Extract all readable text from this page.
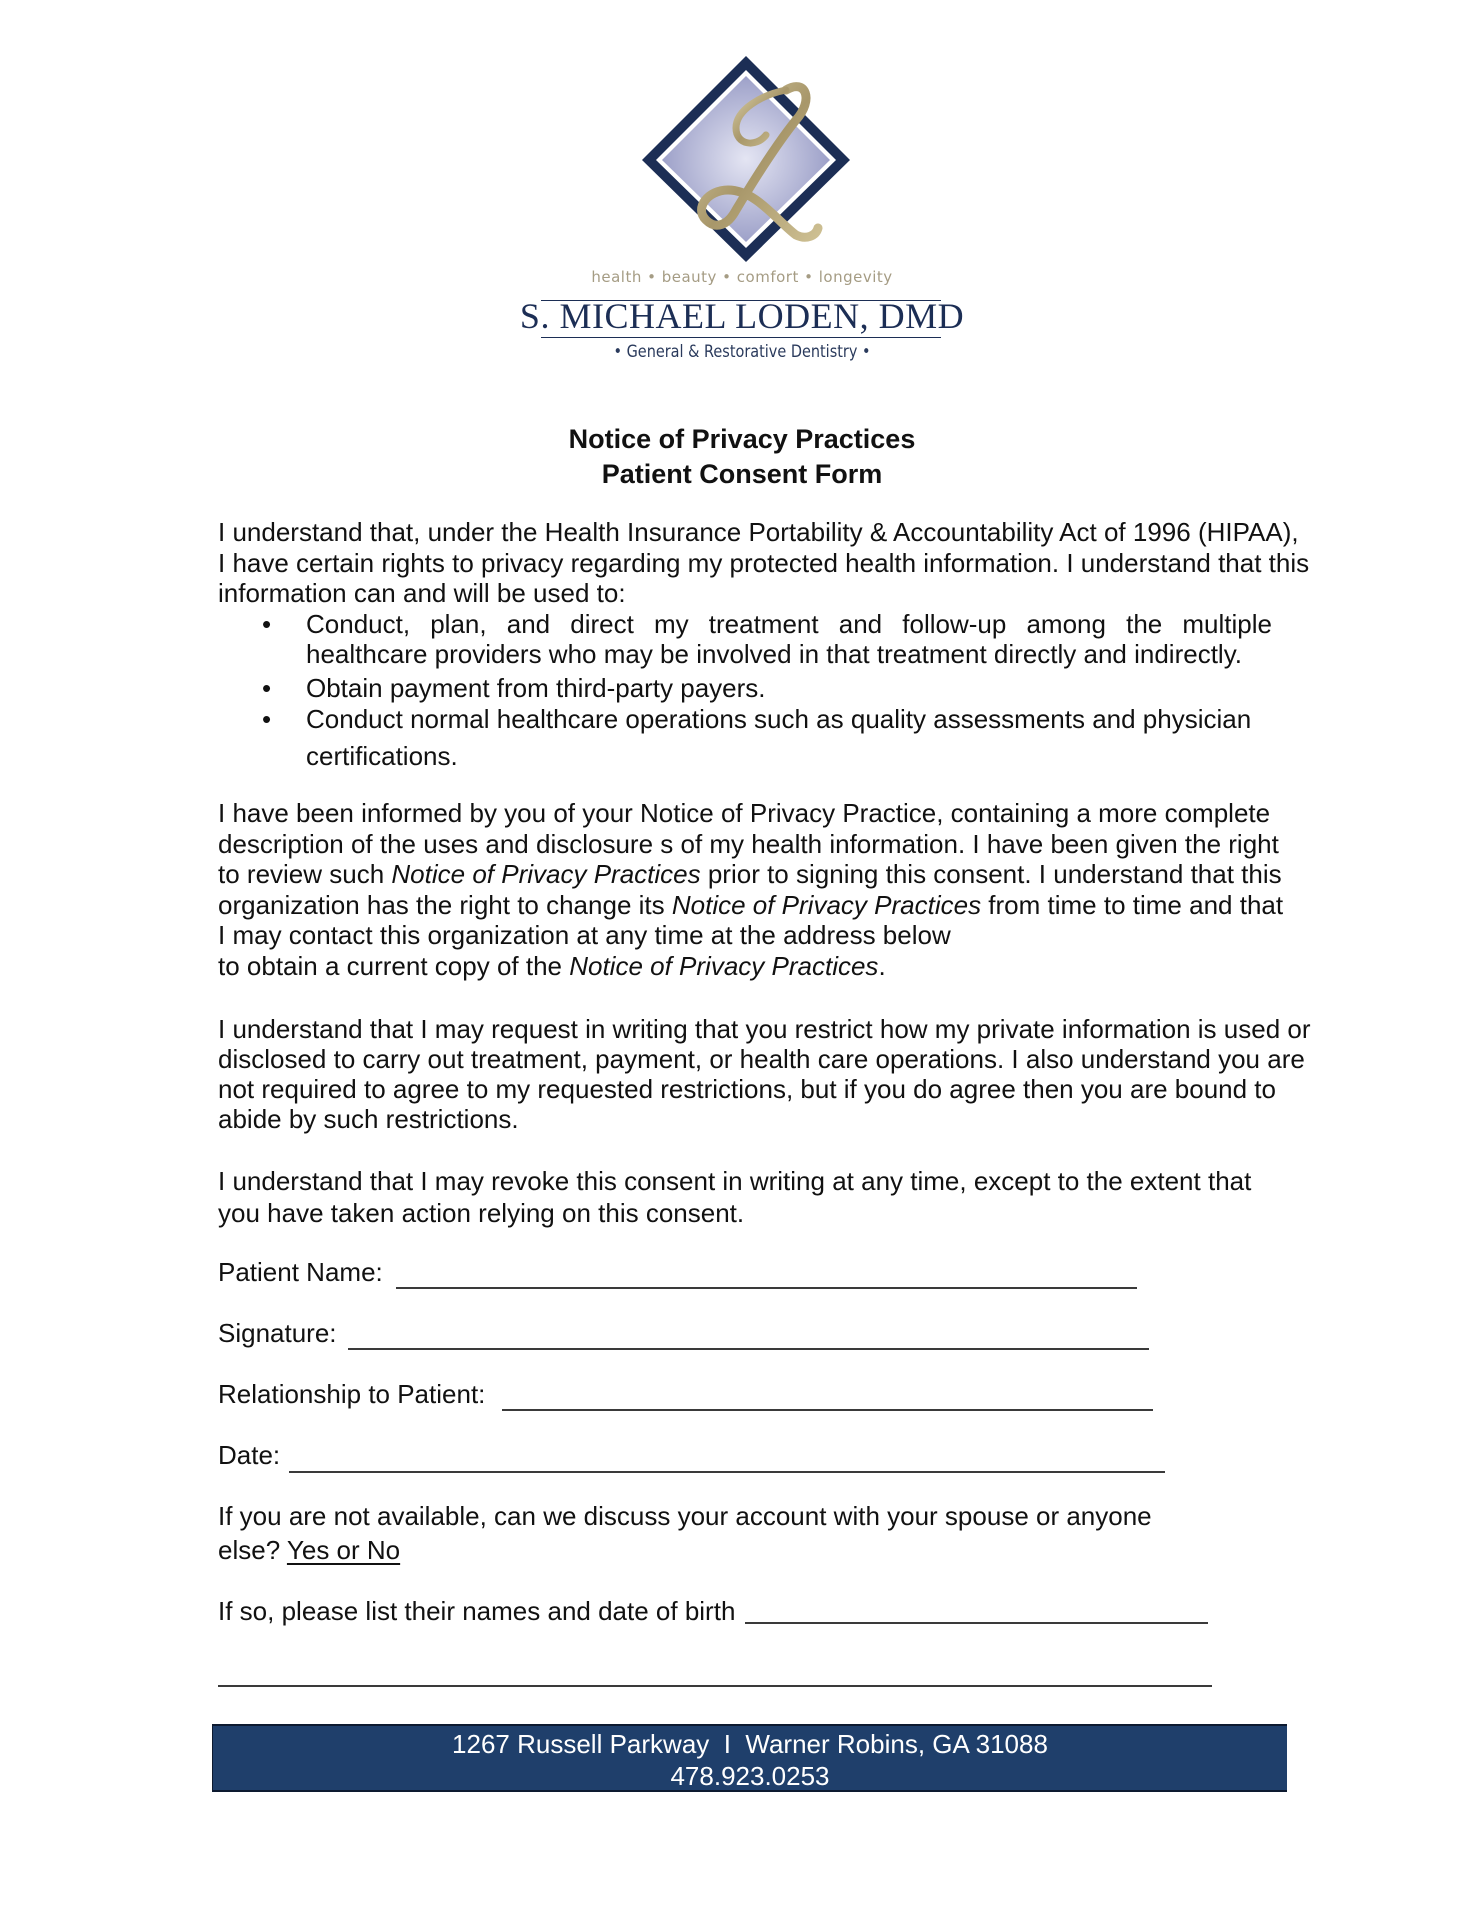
health • beauty • comfort • longevity
S. MICHAEL LODEN, DMD
• General & Restorative Dentistry •
Notice of Privacy Practices
Patient Consent Form
I understand that, under the Health Insurance Portability & Accountability Act of 1996 (HIPAA),
I have certain rights to privacy regarding my protected health information. I understand that this
information can and will be used to:
• Conduct, plan, and direct my treatment and follow-up among the multiple
healthcare providers who may be involved in that treatment directly and indirectly.
• Obtain payment from third-party payers.
• Conduct normal healthcare operations such as quality assessments and physician
certifications.
I have been informed by you of your Notice of Privacy Practice, containing a more complete
description of the uses and disclosure s of my health information. I have been given the right
to review such Notice of Privacy Practices prior to signing this consent. I understand that this
organization has the right to change its Notice of Privacy Practices from time to time and that
I may contact this organization at any time at the address below
to obtain a current copy of the Notice of Privacy Practices.
I understand that I may request in writing that you restrict how my private information is used or
disclosed to carry out treatment, payment, or health care operations. I also understand you are
not required to agree to my requested restrictions, but if you do agree then you are bound to
abide by such restrictions.
I understand that I may revoke this consent in writing at any time, except to the extent that
you have taken action relying on this consent.
Patient Name:
Signature:
Relationship to Patient:
Date:
If you are not available, can we discuss your account with your spouse or anyone
else? Yes or No
If so, please list their names and date of birth
1267 Russell Parkway  I  Warner Robins, GA 31088
478.923.0253
